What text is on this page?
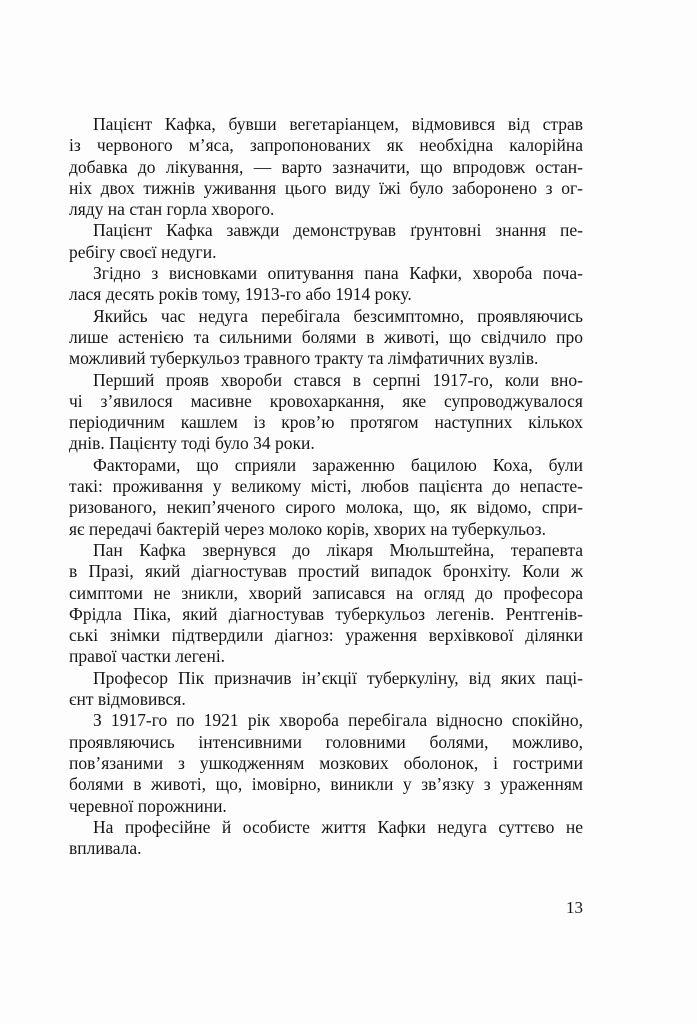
Пацієнт Кафка, бувши вегетаріанцем, відмовився від страв
із червоного м’яса, запропонованих як необхідна калорійна
добавка до лікування, — варто зазначити, що впродовж остан-
ніх двох тижнів уживання цього виду їжі було заборонено з ог-
ляду на стан горла хворого.

Пацієнт Кафка завжди демонстрував ґрунтовні знання пе-
ребігу своєї недуги.

Згідно з висновками опитування пана Кафки, хвороба поча-
лася десять років тому, 1913-го або 1914 року.

Якийсь час недуга перебігала безсимптомно, проявляючись
лише астенією та сильними болями в животі, що свідчило про
можливий туберкульоз травного тракту та лімфатичних вузлів.

Перший прояв хвороби стався в серпні 1917-го, коли вно-
чі з’явилося масивне кровохаркання, яке супроводжувалося
періодичним кашлем із кров’ю протягом наступних кількох
днів. Пацієнту тоді було 34 роки.

Факторами, що сприяли зараженню бацилою Коха, були
такі: проживання у великому місті, любов пацієнта до непасте-
ризованого, некип’яченого сирого молока, що, як відомо, спри-
яє передачі бактерій через молоко корів, хворих на туберкульоз.

Пан Кафка звернувся до лікаря Мюльштейна, терапевта
в Празі, який діагностував простий випадок бронхіту. Коли ж
симптоми не зникли, хворий записався на огляд до професора
Фрідла Піка, який діагностував туберкульоз легенів. Рентгенів-
ські знімки підтвердили діагноз: ураження верхівкової ділянки
правої частки легені.

Професор Пік призначив ін’єкції туберкуліну, від яких паці-
єнт відмовився.

З 1917-го по 1921 рік хвороба перебігала відносно спокійно,
проявляючись інтенсивними головними болями, можливо,
пов’язаними з ушкодженням мозкових оболонок, і гострими
болями в животі, що, імовірно, виникли у зв’язку з ураженням
черевної порожнини.

На професійне й особисте життя Кафки недуга суттєво не
впливала.

13
